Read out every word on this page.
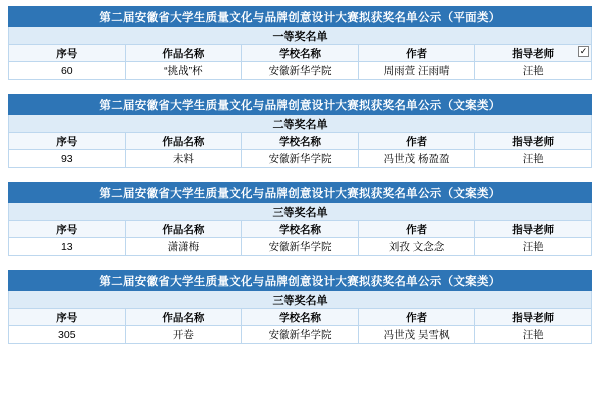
第二届安徽省大学生质量文化与品牌创意设计大赛拟获奖名单公示（平面类）				
一等奖名单				
序号	作品名称	学校名称	作者	指导老师 ✓

60	“挑战”杯	安徽新华学院	周雨萱 汪雨晴	汪艳
第二届安徽省大学生质量文化与品牌创意设计大赛拟获奖名单公示（文案类）				
二等奖名单				
序号	作品名称	学校名称	作者	指导老师
93	未料	安徽新华学院	冯世茂 杨盈盈	汪艳
第二届安徽省大学生质量文化与品牌创意设计大赛拟获奖名单公示（文案类）				
三等奖名单				
序号	作品名称	学校名称	作者	指导老师
13	潇潇梅	安徽新华学院	刘孜 文念念	汪艳
第二届安徽省大学生质量文化与品牌创意设计大赛拟获奖名单公示（文案类）				
三等奖名单				
序号	作品名称	学校名称	作者	指导老师
305	开卷	安徽新华学院	冯世茂 吴雪枫	汪艳
